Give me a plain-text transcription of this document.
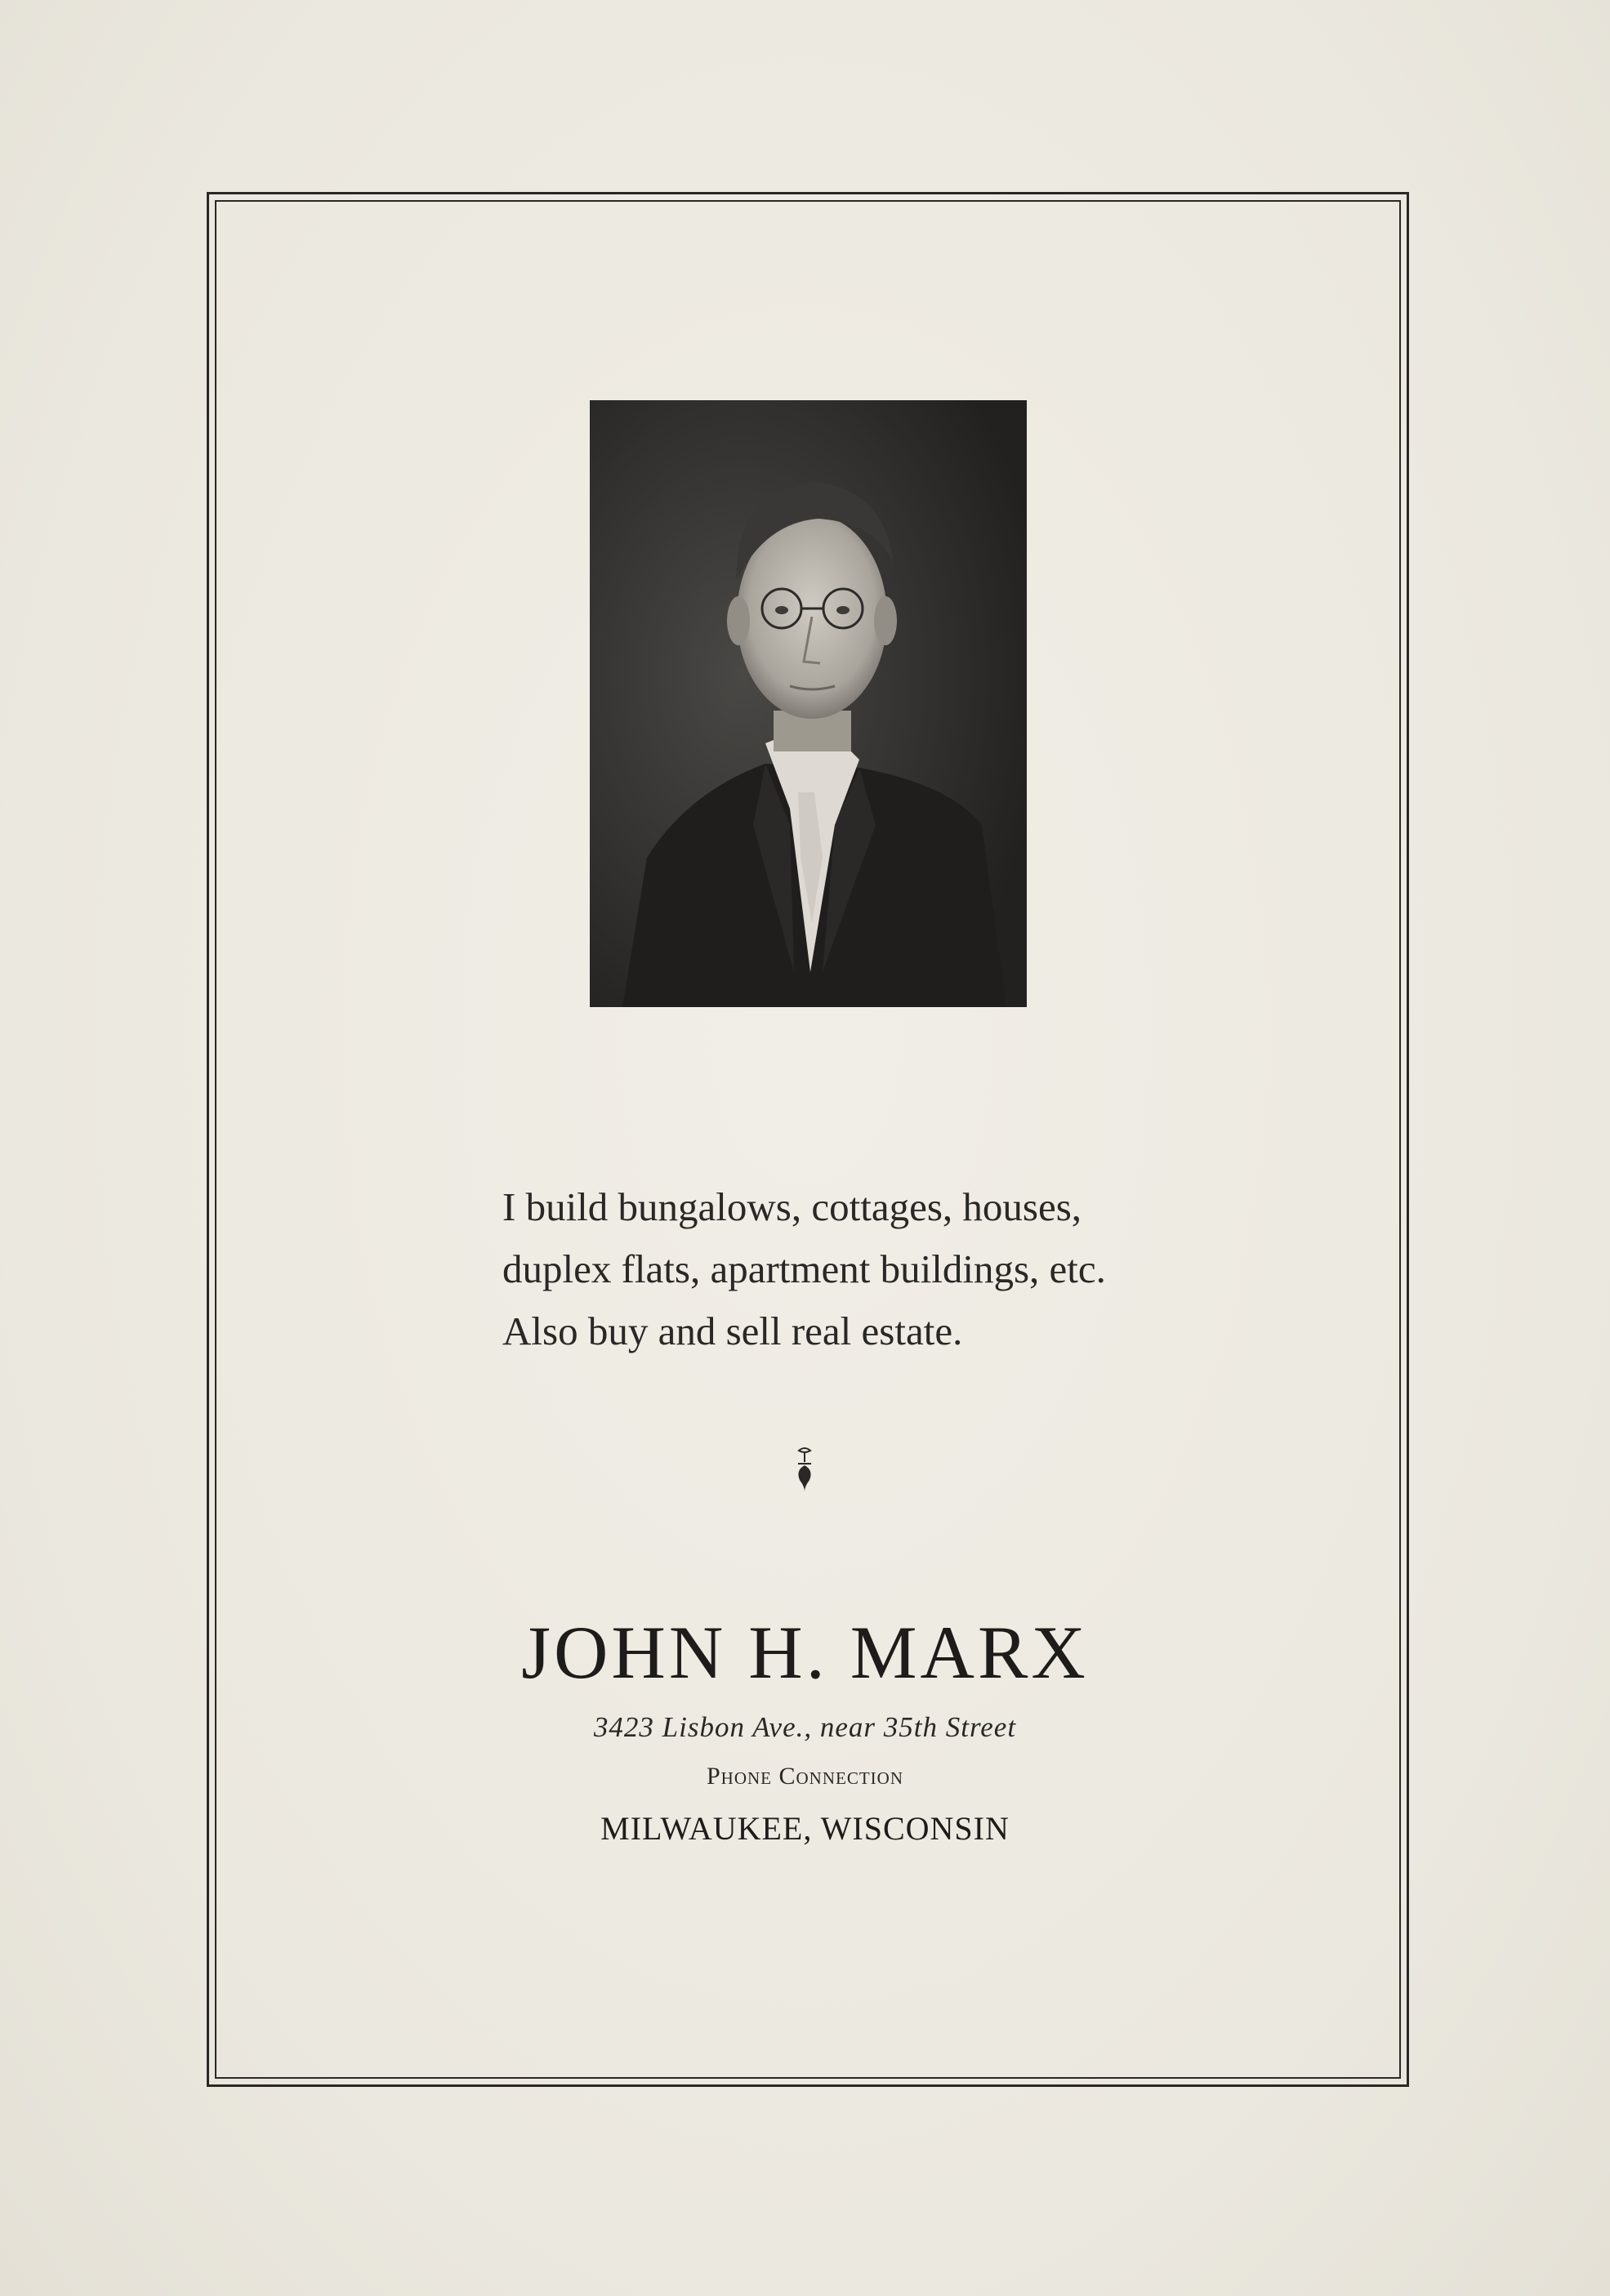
I build bungalows, cottages, houses,
duplex flats, apartment buildings, etc.
Also buy and sell real estate.
JOHN H. MARX
3423 Lisbon Ave., near 35th Street
Phone Connection
MILWAUKEE, WISCONSIN
